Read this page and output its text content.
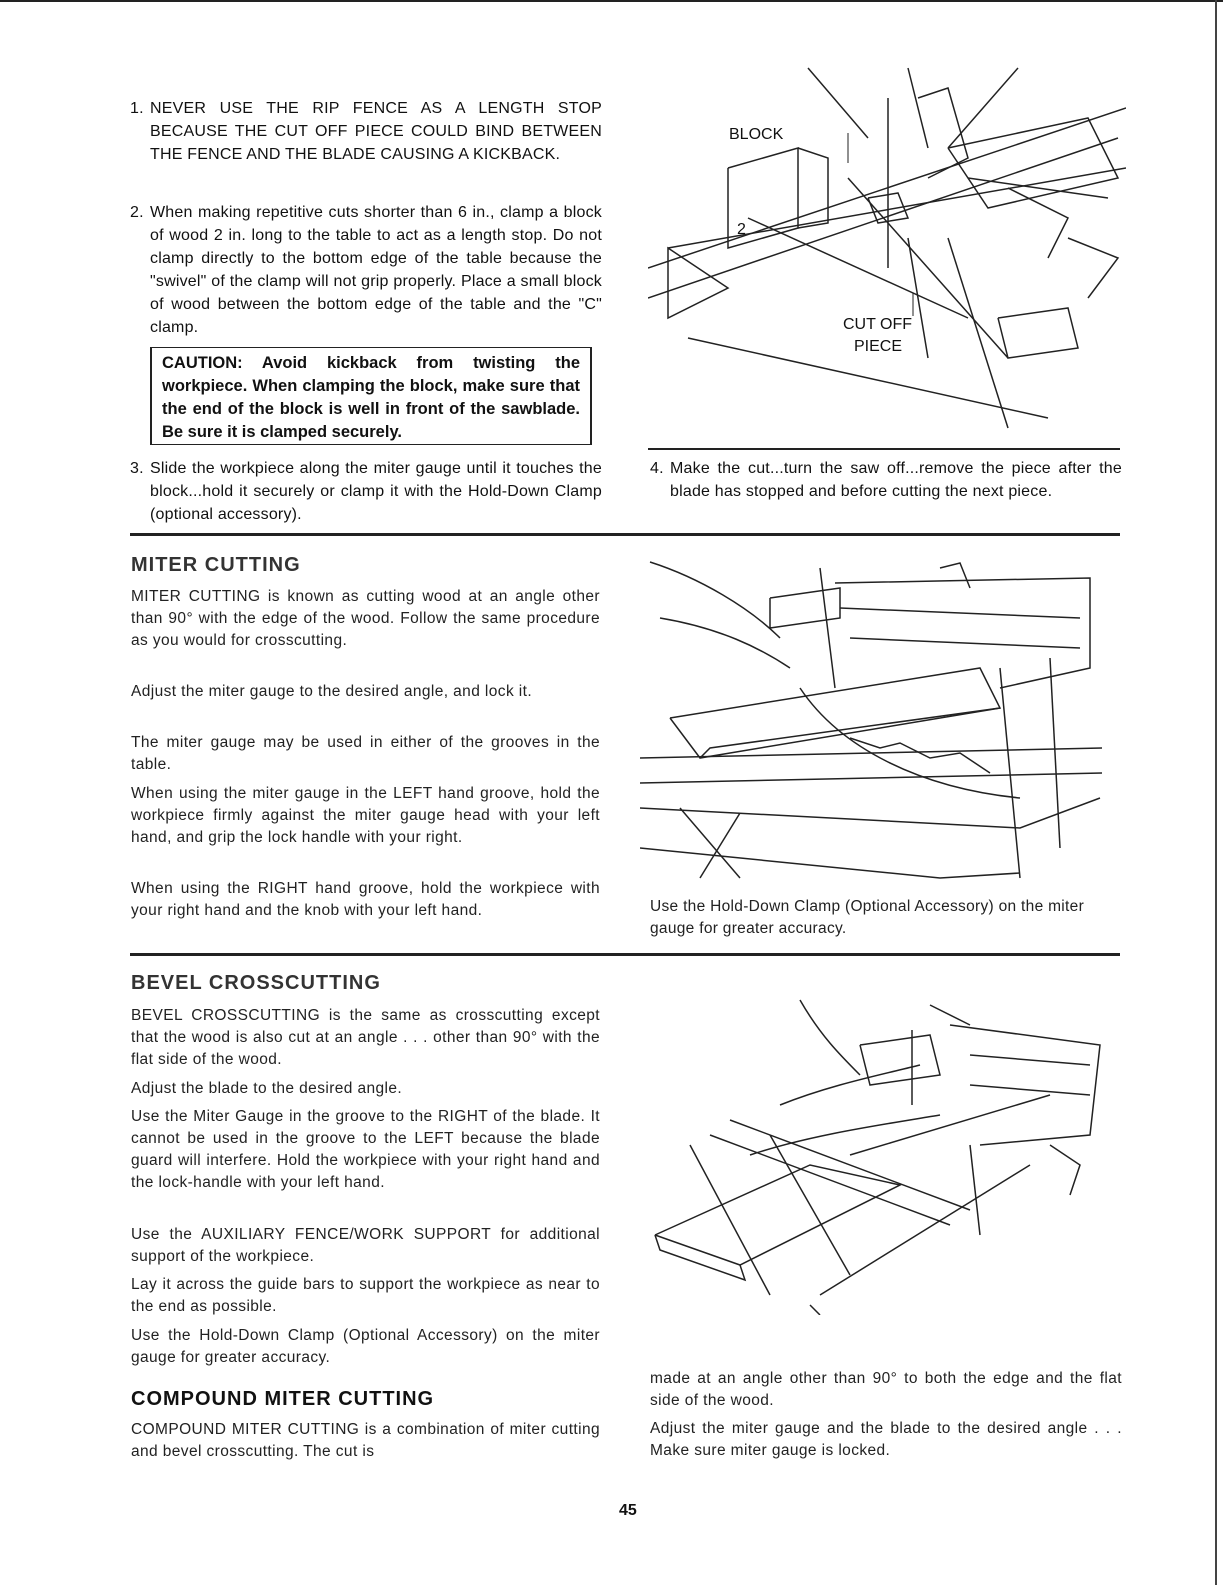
1. NEVER USE THE RIP FENCE AS A LENGTH STOP BECAUSE THE CUT OFF PIECE COULD BIND BETWEEN THE FENCE AND THE BLADE CAUSING A KICKBACK.
2. When making repetitive cuts shorter than 6 in., clamp a block of wood 2 in. long to the table to act as a length stop. Do not clamp directly to the bottom edge of the table because the "swivel" of the clamp will not grip properly. Place a small block of wood between the bottom edge of the table and the "C" clamp.
CAUTION: Avoid kickback from twisting the workpiece. When clamping the block, make sure that the end of the block is well in front of the sawblade. Be sure it is clamped securely.
3. Slide the workpiece along the miter gauge until it touches the block...hold it securely or clamp it with the Hold-Down Clamp (optional accessory).
BLOCK
2
CUT OFF
PIECE
4. Make the cut...turn the saw off...remove the piece after the blade has stopped and before cutting the next piece.
MITER CUTTING
MITER CUTTING is known as cutting wood at an angle other than 90° with the edge of the wood. Follow the same procedure as you would for crosscutting.
Adjust the miter gauge to the desired angle, and lock it.
The miter gauge may be used in either of the grooves in the table.
When using the miter gauge in the LEFT hand groove, hold the workpiece firmly against the miter gauge head with your left hand, and grip the lock handle with your right.
When using the RIGHT hand groove, hold the workpiece with your right hand and the knob with your left hand.	Use the Hold-Down Clamp (Optional Accessory) on the miter gauge for greater accuracy.
BEVEL CROSSCUTTING
BEVEL CROSSCUTTING is the same as crosscutting except that the wood is also cut at an angle . . . other than 90° with the flat side of the wood.
Adjust the blade to the desired angle.
Use the Miter Gauge in the groove to the RIGHT of the blade. It cannot be used in the groove to the LEFT because the blade guard will interfere. Hold the workpiece with your right hand and the lock-handle with your left hand.
Use the AUXILIARY FENCE/WORK SUPPORT for additional support of the workpiece.
Lay it across the guide bars to support the workpiece as near to the end as possible.
Use the Hold-Down Clamp (Optional Accessory) on the miter gauge for greater accuracy.
COMPOUND MITER CUTTING
COMPOUND MITER CUTTING is a combination of miter cutting and bevel crosscutting. The cut is
made at an angle other than 90° to both the edge and the flat side of the wood.
Adjust the miter gauge and the blade to the desired angle . . . Make sure miter gauge is locked.
45
